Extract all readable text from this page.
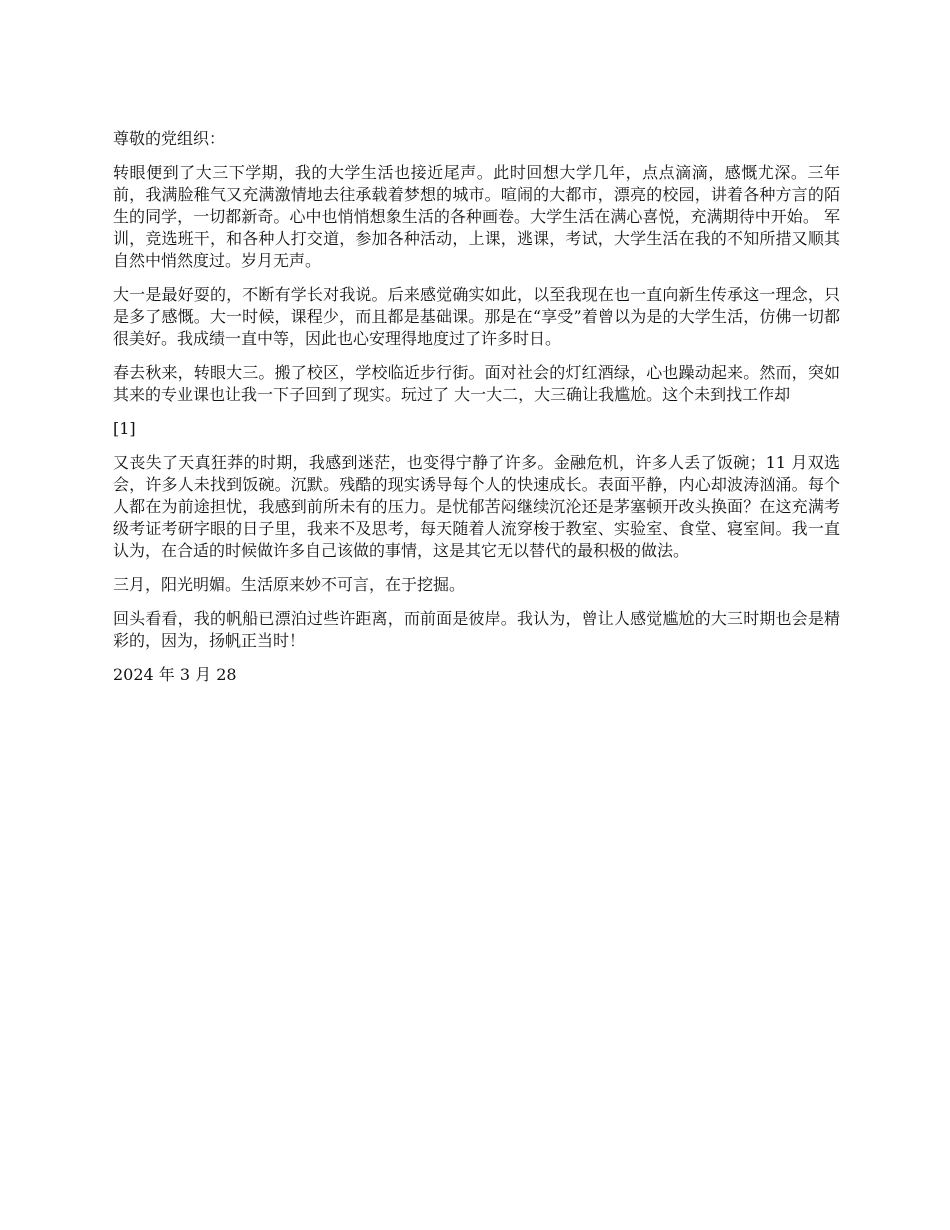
尊敬的党组织：

转眼便到了大三下学期，我的大学生活也接近尾声。此时回想大学几年，点点滴滴，感慨尤深。三年前，我满脸稚气又充满激情地去往承载着梦想的城市。喧闹的大都市，漂亮的校园，讲着各种方言的陌生的同学，一切都新奇。心中也悄悄想象生活的各种画卷。大学生活在满心喜悦，充满期待中开始。 军训，竞选班干，和各种人打交道，参加各种活动，上课，逃课，考试，大学生活在我的不知所措又顺其自然中悄然度过。岁月无声。

大一是最好耍的，不断有学长对我说。后来感觉确实如此，以至我现在也一直向新生传承这一理念，只是多了感慨。大一时候，课程少，而且都是基础课。那是在“享受”着曾以为是的大学生活，仿佛一切都很美好。我成绩一直中等，因此也心安理得地度过了许多时日。

春去秋来，转眼大三。搬了校区，学校临近步行街。面对社会的灯红酒绿，心也躁动起来。然而，突如其来的专业课也让我一下子回到了现实。玩过了 大一大二，大三确让我尴尬。这个未到找工作却

[1]

又丧失了天真狂莽的时期，我感到迷茫，也变得宁静了许多。金融危机，许多人丢了饭碗；11 月双选会，许多人未找到饭碗。沉默。残酷的现实诱导每个人的快速成长。表面平静，内心却波涛汹涌。每个人都在为前途担忧，我感到前所未有的压力。是忧郁苦闷继续沉沦还是茅塞顿开改头换面？在这充满考级考证考研字眼的日子里，我来不及思考，每天随着人流穿梭于教室、实验室、食堂、寝室间。我一直认为，在合适的时候做许多自己该做的事情，这是其它无以替代的最积极的做法。

三月，阳光明媚。生活原来妙不可言，在于挖掘。

回头看看，我的帆船已漂泊过些许距离，而前面是彼岸。我认为，曾让人感觉尴尬的大三时期也会是精彩的，因为，扬帆正当时！

2024 年 3 月 28
